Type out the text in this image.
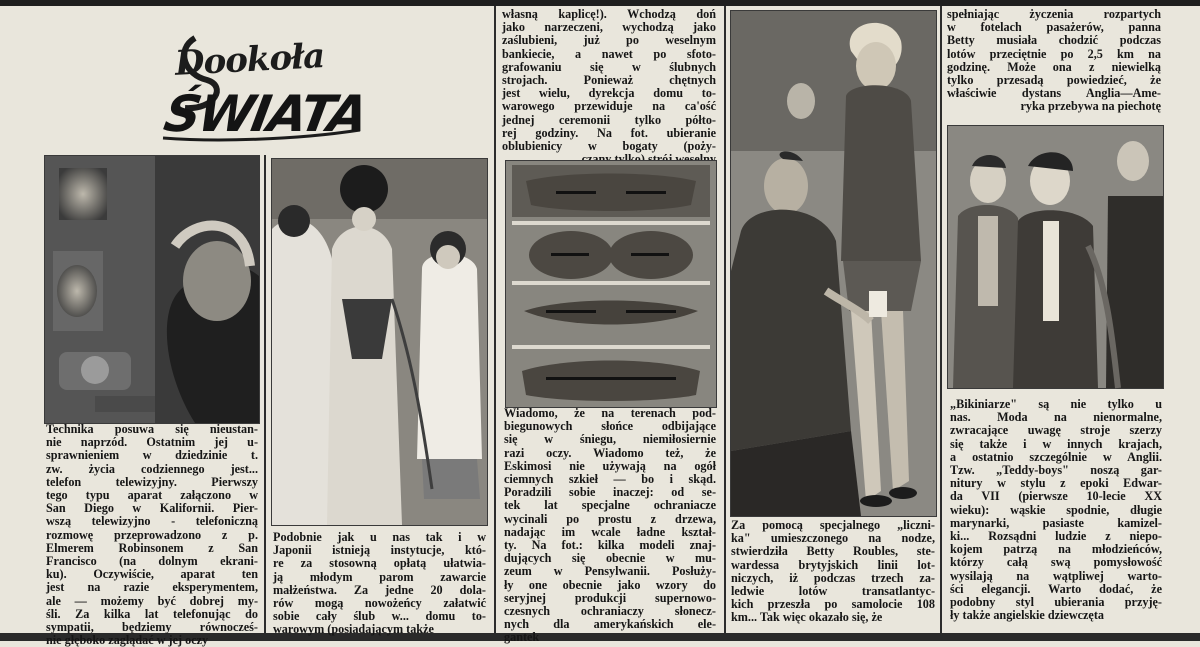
Dookoła
ŚWIATA
Technika posuwa się nieustan-
nie naprzód. Ostatnim jej u-
sprawnieniem w dziedzinie t.
zw. życia codziennego jest...
telefon telewizyjny. Pierwszy
tego typu aparat załączono w
San Diego w Kalifornii. Pier-
wszą telewizyjno - telefoniczną
rozmowę przeprowadzono z p.
Elmerem Robinsonem z San
Francisco (na dolnym ekrani-
ku). Oczywiście, aparat ten
jest na razie eksperymentem,
ale — możemy być dobrej my-
śli. Za kilka lat telefonując do
sympatii, będziemy równocześ-
nie głęboko zaglądać w jej oczy
Podobnie jak u nas tak i w
Japonii istnieją instytucje, któ-
re za stosowną opłatą ułatwia-
ją młodym parom zawarcie
małżeństwa. Za jedne 20 dola-
rów mogą nowożeńcy załatwić
sobie cały ślub w... domu to-
warowym (posiadającym także
własną kaplicę!). Wchodzą doń
jako narzeczeni, wychodzą jako
zaślubieni, już po weselnym
bankiecie, a nawet po sfoto-
grafowaniu się w ślubnych
strojach. Ponieważ chętnych
jest wielu, dyrekcja domu to-
warowego przewiduje na ca'ość
jednej ceremonii tylko półto-
rej godziny. Na fot. ubieranie
oblubienicy w bogaty (poży-
Wiadomo, że na terenach pod-
biegunowych słońce odbijające
się w śniegu, niemiłosiernie
razi oczy. Wiadomo też, że
Eskimosi nie używają na ogół
ciemnych szkieł — bo i skąd.
Poradzili sobie inaczej: od se-
tek lat specjalne ochraniacze
wycinali po prostu z drzewa,
nadając im wcale ładne kształ-
ty. Na fot.: kilka modeli znaj-
dujących się obecnie w mu-
zeum w Pensylwanii. Posłuży-
ły one obecnie jako wzory do
seryjnej produkcji supernowo-
czesnych ochraniaczy słonecz-
nych dla amerykańskich ele-
gantek
Za pomocą specjalnego „liczni-
ka" umieszczonego na nodze,
stwierdziła Betty Roubles, ste-
wardessa brytyjskich linii lot-
niczych, iż podczas trzech za-
ledwie lotów transatlantyc-
kich przeszła po samolocie 108
km... Tak więc okazało się, że
spełniając życzenia rozpartych
w fotelach pasażerów, panna
Betty musiała chodzić podczas
lotów przeciętnie po 2,5 km na
godzinę. Może ona z niewielką
tylko przesadą powiedzieć, że
właściwie dystans Anglia—Ame-
ryka przebywa na piechotę
„Bikiniarze" są nie tylko u
nas. Moda na nienormalne,
zwracające uwagę stroje szerzy
się także i w innych krajach,
a ostatnio szczególnie w Anglii.
Tzw. „Teddy-boys" noszą gar-
nitury w stylu z epoki Edwar-
da VII (pierwsze 10-lecie XX
wieku): wąskie spodnie, długie
marynarki, pasiaste kamizel-
ki... Rozsądni ludzie z niepo-
kojem patrzą na młodzieńców,
którzy całą swą pomysłowość
wysilają na wątpliwej warto-
ści elegancji. Warto dodać, że
podobny styl ubierania przyję-
ły także angielskie dziewczęta
